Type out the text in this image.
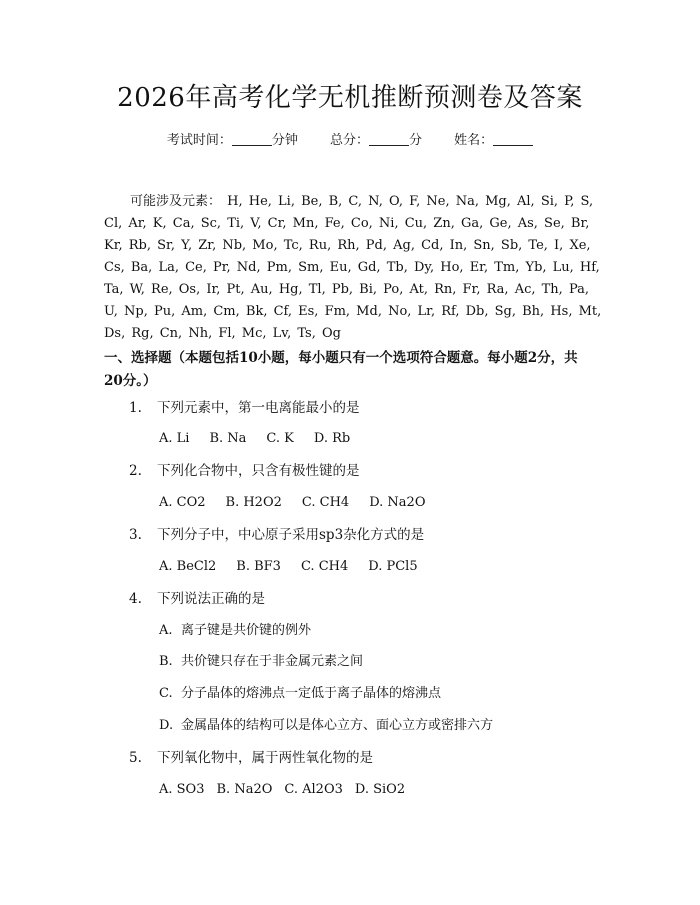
2026年高考化学无机推断预测卷及答案
考试时间：	分钟 总分：	分 姓名：
可能涉及元素： H, He, Li, Be, B, C, N, O, F, Ne, Na, Mg, Al, Si, P, S, Cl, Ar, K, Ca, Sc, Ti, V, Cr, Mn, Fe, Co, Ni, Cu, Zn, Ga, Ge, As, Se, Br, Kr, Rb, Sr, Y, Zr, Nb, Mo, Tc, Ru, Rh, Pd, Ag, Cd, In, Sn, Sb, Te, I, Xe, Cs, Ba, La, Ce, Pr, Nd, Pm, Sm, Eu, Gd, Tb, Dy, Ho, Er, Tm, Yb, Lu, Hf, Ta, W, Re, Os, Ir, Pt, Au, Hg, Tl, Pb, Bi, Po, At, Rn, Fr, Ra, Ac, Th, Pa, U, Np, Pu, Am, Cm, Bk, Cf, Es, Fm, Md, No, Lr, Rf, Db, Sg, Bh, Hs, Mt, Ds, Rg, Cn, Nh, Fl, Mc, Lv, Ts, Og
一、选择题（本题包括10小题，每小题只有一个选项符合题意。每小题2分，共20分。）
1. 下列元素中，第一电离能最小的是
A. Li B. Na C. K D. Rb
2. 下列化合物中，只含有极性键的是
A. CO2 B. H2O2 C. CH4 D. Na2O
3. 下列分子中，中心原子采用sp3杂化方式的是
A. BeCl2 B. BF3 C. CH4 D. PCl5
4. 下列说法正确的是
A. 离子键是共价键的例外
B. 共价键只存在于非金属元素之间
C. 分子晶体的熔沸点一定低于离子晶体的熔沸点
D. 金属晶体的结构可以是体心立方、面心立方或密排六方
5. 下列氧化物中，属于两性氧化物的是
A. SO3 B. Na2O C. Al2O3 D. SiO2
